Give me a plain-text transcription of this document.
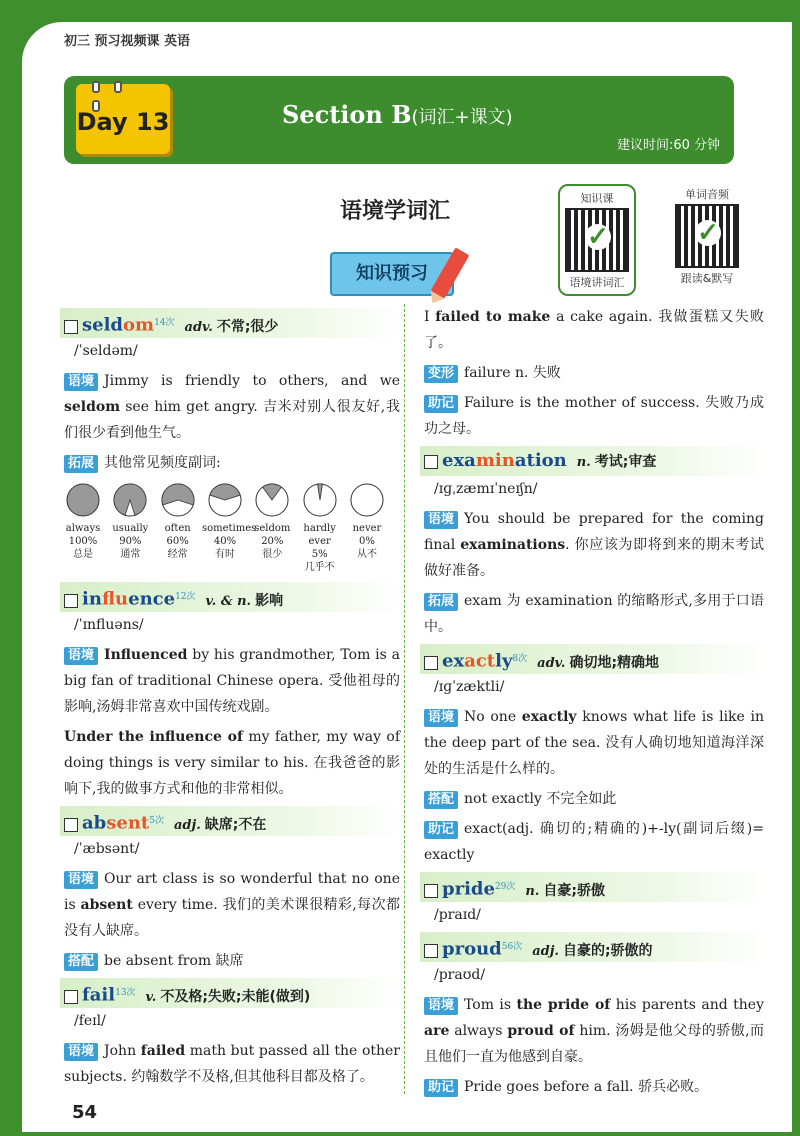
初三 预习视频课 英语
Day 13	Section B(词汇+课文)
建议时间:60 分钟
语境学词汇	知识课
✓
语境讲词汇
单词音频
✓
跟读&默写
知识预习
seldom$^{14次}$ adv. 不常;很少
/ˈseldəm/
语境 Jimmy is friendly to others, and we seldom see him get angry. 吉米对别人很友好,我们很少看到他生气。
拓展 其他常见频度副词:
always
100%
总是
usually
90%
通常
often
60%
经常
sometimes
40%
有时
seldom
20%
很少
hardly ever
5%
几乎不
never
0%
从不
influence$^{12次}$ v. & n. 影响
/ˈɪnfluəns/
语境 Influenced by his grandmother, Tom is a big fan of traditional Chinese opera. 受他祖母的影响,汤姆非常喜欢中国传统戏剧。
Under the influence of my father, my way of doing things is very similar to his. 在我爸爸的影响下,我的做事方式和他的非常相似。
absent$^{5次}$ adj. 缺席;不在
/ˈæbsənt/
语境 Our art class is so wonderful that no one is absent every time. 我们的美术课很精彩,每次都没有人缺席。
搭配 be absent from 缺席
fail$^{13次}$ v. 不及格;失败;未能(做到)
/feɪl/
语境 John failed math but passed all the other subjects. 约翰数学不及格,但其他科目都及格了。
I failed to make a cake again. 我做蛋糕又失败了。
变形 failure n. 失败
助记 Failure is the mother of success. 失败乃成功之母。
examination n. 考试;审查
/ɪɡˌzæmɪˈneɪʃn/
语境 You should be prepared for the coming final examinations. 你应该为即将到来的期末考试做好准备。
拓展 exam 为 examination 的缩略形式,多用于口语中。
exactly$^{8次}$ adv. 确切地;精确地
/ɪɡˈzæktli/
语境 No one exactly knows what life is like in the deep part of the sea. 没有人确切地知道海洋深处的生活是什么样的。
搭配 not exactly 不完全如此
助记 exact(adj. 确切的;精确的)+-ly(副词后缀)= exactly
pride$^{29次}$ n. 自豪;骄傲
/praɪd/
proud$^{56次}$ adj. 自豪的;骄傲的
/praʊd/
语境 Tom is the pride of his parents and they are always proud of him. 汤姆是他父母的骄傲,而且他们一直为他感到自豪。
助记 Pride goes before a fall. 骄兵必败。
54
